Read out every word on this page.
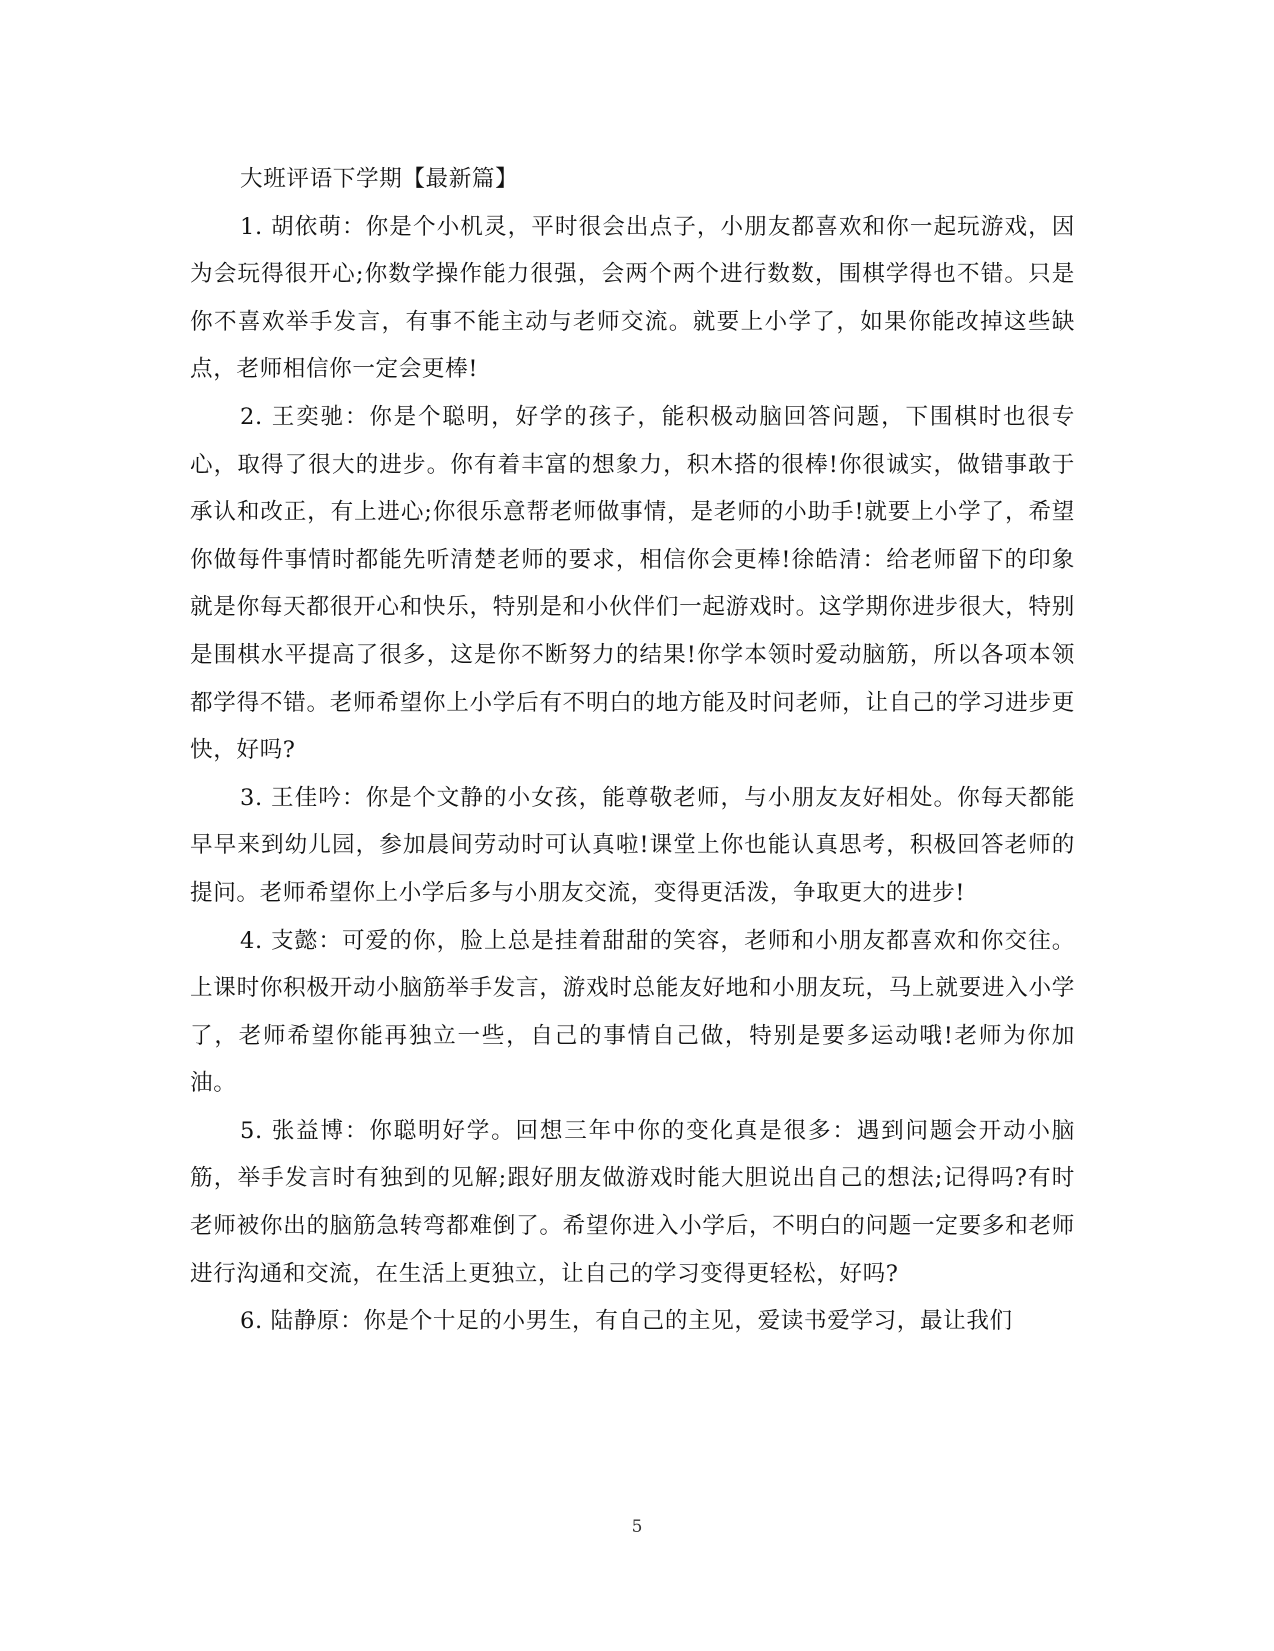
大班评语下学期【最新篇】

1. 胡依萌：你是个小机灵，平时很会出点子，小朋友都喜欢和你一起玩游戏，因为会玩得很开心;你数学操作能力很强，会两个两个进行数数，围棋学得也不错。只是你不喜欢举手发言，有事不能主动与老师交流。就要上小学了，如果你能改掉这些缺点，老师相信你一定会更棒!

2. 王奕驰：你是个聪明，好学的孩子，能积极动脑回答问题，下围棋时也很专心，取得了很大的进步。你有着丰富的想象力，积木搭的很棒!你很诚实，做错事敢于承认和改正，有上进心;你很乐意帮老师做事情，是老师的小助手!就要上小学了，希望你做每件事情时都能先听清楚老师的要求，相信你会更棒!徐皓清：给老师留下的印象就是你每天都很开心和快乐，特别是和小伙伴们一起游戏时。这学期你进步很大，特别是围棋水平提高了很多，这是你不断努力的结果!你学本领时爱动脑筋，所以各项本领都学得不错。老师希望你上小学后有不明白的地方能及时问老师，让自己的学习进步更快，好吗?

3. 王佳吟：你是个文静的小女孩，能尊敬老师，与小朋友友好相处。你每天都能早早来到幼儿园，参加晨间劳动时可认真啦!课堂上你也能认真思考，积极回答老师的提问。老师希望你上小学后多与小朋友交流，变得更活泼，争取更大的进步!

4. 支懿：可爱的你，脸上总是挂着甜甜的笑容，老师和小朋友都喜欢和你交往。上课时你积极开动小脑筋举手发言，游戏时总能友好地和小朋友玩，马上就要进入小学了，老师希望你能再独立一些，自己的事情自己做，特别是要多运动哦!老师为你加油。

5. 张益博：你聪明好学。回想三年中你的变化真是很多：遇到问题会开动小脑筋，举手发言时有独到的见解;跟好朋友做游戏时能大胆说出自己的想法;记得吗?有时老师被你出的脑筋急转弯都难倒了。希望你进入小学后，不明白的问题一定要多和老师进行沟通和交流，在生活上更独立，让自己的学习变得更轻松，好吗?

6. 陆静原：你是个十足的小男生，有自己的主见，爱读书爱学习，最让我们

5
